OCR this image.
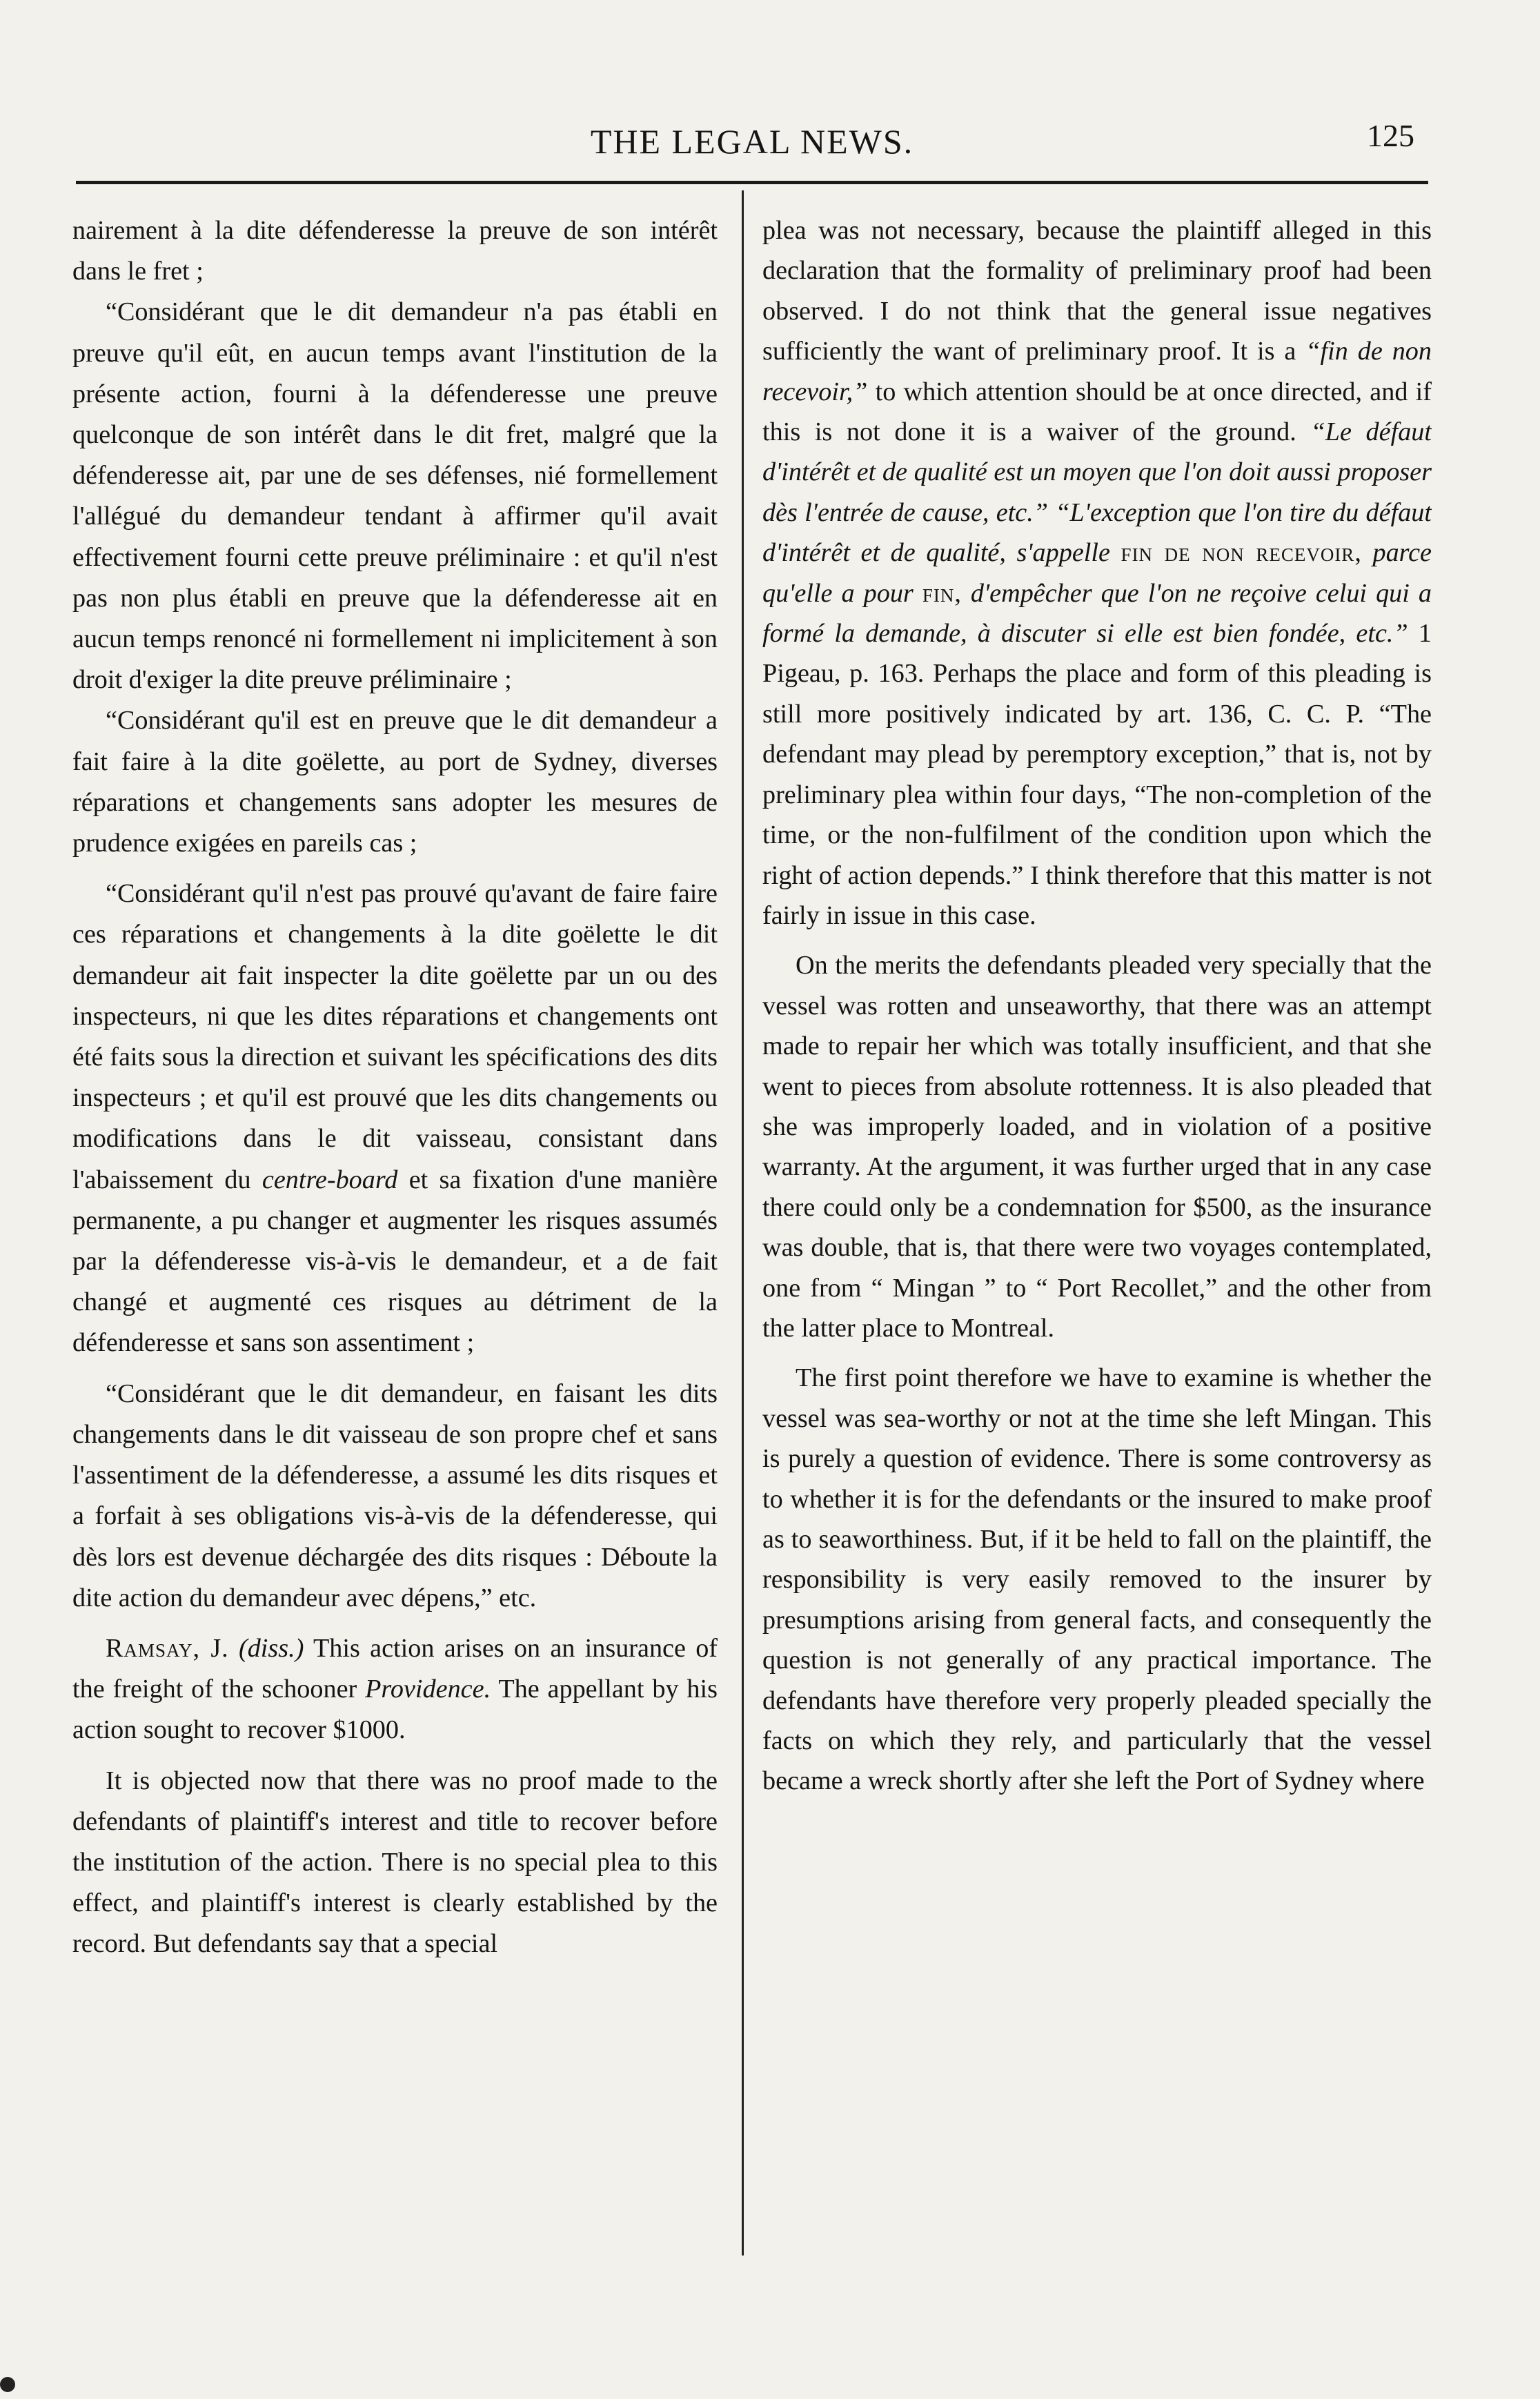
THE LEGAL NEWS.	125

nairement à la dite défenderesse la preuve de son intérêt dans le fret ;

“Considérant que le dit demandeur n'a pas établi en preuve qu'il eût, en aucun temps avant l'institution de la présente action, fourni à la défenderesse une preuve quelconque de son intérêt dans le dit fret, malgré que la défenderesse ait, par une de ses défenses, nié formellement l'allégué du demandeur tendant à affirmer qu'il avait effectivement fourni cette preuve préliminaire : et qu'il n'est pas non plus établi en preuve que la défenderesse ait en aucun temps renoncé ni formellement ni implicitement à son droit d'exiger la dite preuve préliminaire ;

“Considérant qu'il est en preuve que le dit demandeur a fait faire à la dite goëlette, au port de Sydney, diverses réparations et changements sans adopter les mesures de prudence exigées en pareils cas ;

“Considérant qu'il n'est pas prouvé qu'avant de faire faire ces réparations et changements à la dite goëlette le dit demandeur ait fait inspecter la dite goëlette par un ou des inspecteurs, ni que les dites réparations et changements ont été faits sous la direction et suivant les spécifications des dits inspecteurs ; et qu'il est prouvé que les dits changements ou modifications dans le dit vaisseau, consistant dans l'abaissement du centre-board et sa fixation d'une manière permanente, a pu changer et augmenter les risques assumés par la défenderesse vis-à-vis le demandeur, et a de fait changé et augmenté ces risques au détriment de la défenderesse et sans son assentiment ;

“Considérant que le dit demandeur, en faisant les dits changements dans le dit vaisseau de son propre chef et sans l'assentiment de la défenderesse, a assumé les dits risques et a forfait à ses obligations vis-à-vis de la défenderesse, qui dès lors est devenue déchargée des dits risques : Déboute la dite action du demandeur avec dépens,” etc.

Ramsay, J. (diss.) This action arises on an insurance of the freight of the schooner Providence. The appellant by his action sought to recover $1000.

It is objected now that there was no proof made to the defendants of plaintiff's interest and title to recover before the institution of the action. There is no special plea to this effect, and plaintiff's interest is clearly established by the record. But defendants say that a special

plea was not necessary, because the plaintiff alleged in this declaration that the formality of preliminary proof had been observed. I do not think that the general issue negatives sufficiently the want of preliminary proof. It is a “fin de non recevoir,” to which attention should be at once directed, and if this is not done it is a waiver of the ground. “Le défaut d'intérêt et de qualité est un moyen que l'on doit aussi proposer dès l'entrée de cause, etc.” “L'exception que l'on tire du défaut d'intérêt et de qualité, s'appelle fin de non recevoir, parce qu'elle a pour fin, d'empêcher que l'on ne reçoive celui qui a formé la demande, à discuter si elle est bien fondée, etc.” 1 Pigeau, p. 163. Perhaps the place and form of this pleading is still more positively indicated by art. 136, C. C. P. “The defendant may plead by peremptory exception,” that is, not by preliminary plea within four days, “The non-completion of the time, or the non-fulfilment of the condition upon which the right of action depends.” I think therefore that this matter is not fairly in issue in this case.

On the merits the defendants pleaded very specially that the vessel was rotten and unseaworthy, that there was an attempt made to repair her which was totally insufficient, and that she went to pieces from absolute rottenness. It is also pleaded that she was improperly loaded, and in violation of a positive warranty. At the argument, it was further urged that in any case there could only be a condemnation for $500, as the insurance was double, that is, that there were two voyages contemplated, one from “ Mingan ” to “ Port Recollet,” and the other from the latter place to Montreal.

The first point therefore we have to examine is whether the vessel was sea-worthy or not at the time she left Mingan. This is purely a question of evidence. There is some controversy as to whether it is for the defendants or the insured to make proof as to seaworthiness. But, if it be held to fall on the plaintiff, the responsibility is very easily removed to the insurer by presumptions arising from general facts, and consequently the question is not generally of any practical importance. The defendants have therefore very properly pleaded specially the facts on which they rely, and particularly that the vessel became a wreck shortly after she left the Port of Sydney where
